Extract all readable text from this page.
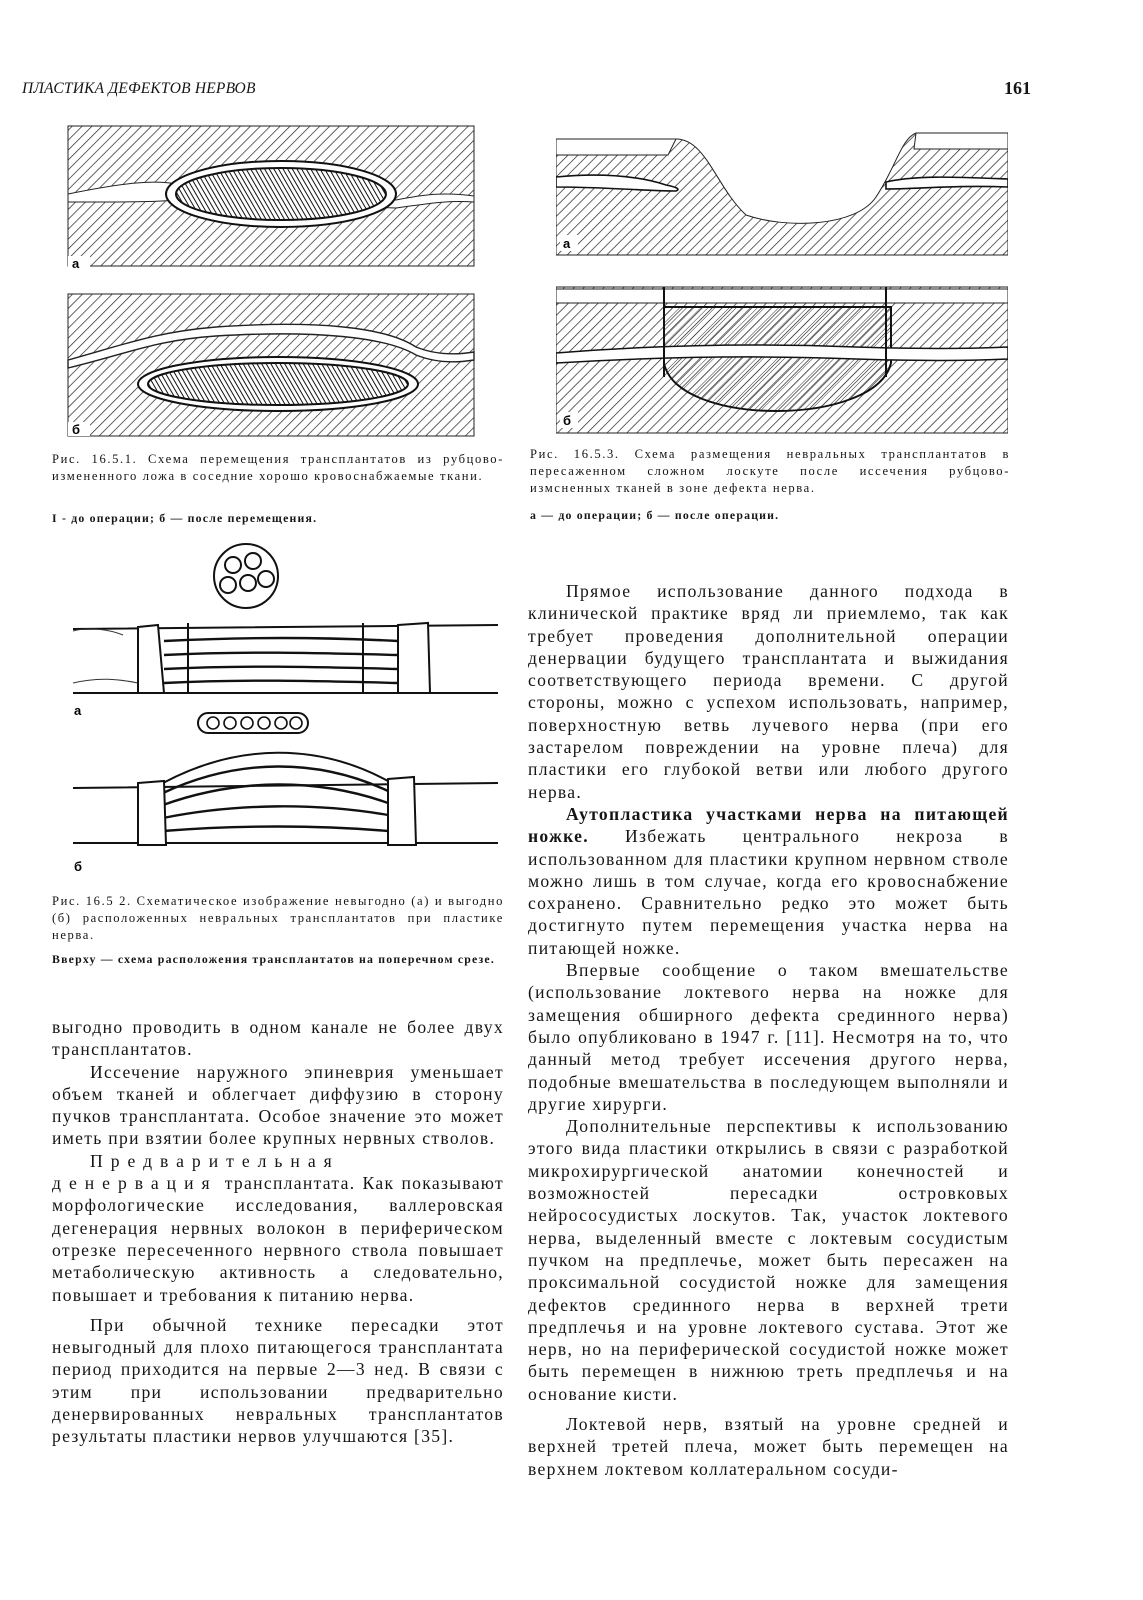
ПЛАСТИКА ДЕФЕКТОВ НЕРВОВ	161
а
б
Рис. 16.5.1. Схема перемещения трансплантатов из рубцово-измененного ложа в соседние хорошо кровоснабжаемые ткани.
I - до операции; б — после перемещения.
а
б
Рис. 16.5.3. Схема размещения невральных трансплантатов в пересаженном сложном лоскуте после иссечения рубцово-измсненных тканей в зоне дефекта нерва.
а — до операции; б — после операции.
а
б
Рис. 16.5 2. Схематическое изображение невыгодно (а) и выгодно (б) расположенных невральных трансплантатов при пластике нерва.
Вверху — схема расположения трансплантатов на поперечном срезе.

выгодно проводить в одном канале не более двух трансплантатов.

Иссечение наружного эпиневрия уменьшает объем тканей и облегчает диффузию в сторону пучков трансплантата. Особое значение это может иметь при взятии более крупных нервных стволов.

Предварительная денервация трансплантата. Как показывают морфологические исследования, валлеровская дегенерация нервных волокон в периферическом отрезке пересеченного нервного ствола повышает метаболическую активность а следовательно, повышает и требования к питанию нерва.

При обычной технике пересадки этот невыгодный для плохо питающегося трансплантата период приходится на первые 2—3 нед. В связи с этим при использовании предварительно денервированных невральных трансплантатов результаты пластики нервов улучшаются [35].

Прямое использование данного подхода в клинической практике вряд ли приемлемо, так как требует проведения дополнительной операции денервации будущего трансплантата и выжидания соответствующего периода времени. С другой стороны, можно с успехом использовать, например, поверхностную ветвь лучевого нерва (при его застарелом повреждении на уровне плеча) для пластики его глубокой ветви или любого другого нерва.

Аутопластика участками нерва на питающей ножке. Избежать центрального некроза в использованном для пластики крупном нервном стволе можно лишь в том случае, когда его кровоснабжение сохранено. Сравнительно редко это может быть достигнуто путем перемещения участка нерва на питающей ножке.

Впервые сообщение о таком вмешательстве (использование локтевого нерва на ножке для замещения обширного дефекта срединного нерва) было опубликовано в 1947 г. [11]. Несмотря на то, что данный метод требует иссечения другого нерва, подобные вмешательства в последующем выполняли и другие хирурги.

Дополнительные перспективы к использованию этого вида пластики открылись в связи с разработкой микрохирургической анатомии конечностей и возможностей пересадки островковых нейрососудистых лоскутов. Так, участок локтевого нерва, выделенный вместе с локтевым сосудистым пучком на предплечье, может быть пересажен на проксимальной сосудистой ножке для замещения дефектов срединного нерва в верхней трети предплечья и на уровне локтевого сустава. Этот же нерв, но на периферической сосудистой ножке может быть перемещен в нижнюю треть предплечья и на основание кисти.

Локтевой нерв, взятый на уровне средней и верхней третей плеча, может быть перемещен на верхнем локтевом коллатеральном сосуди-
